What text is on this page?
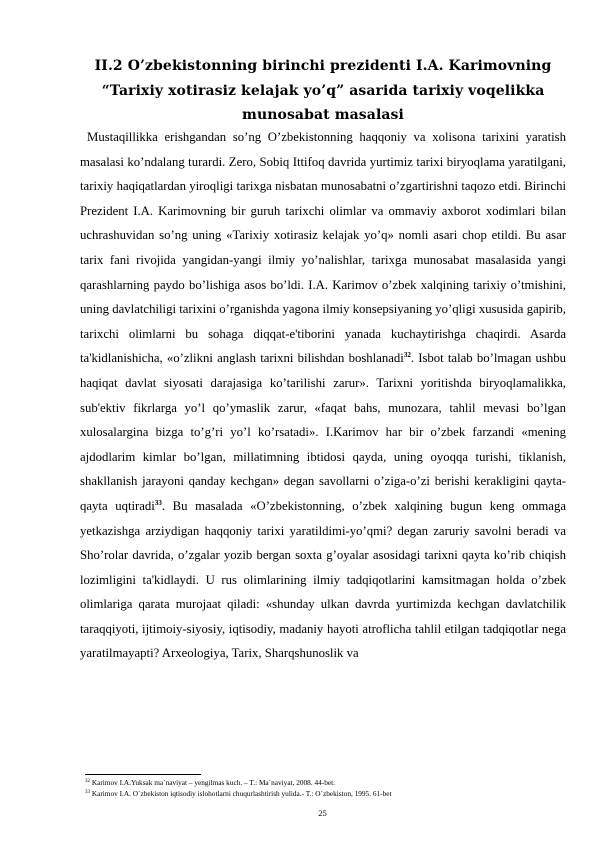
II.2 O’zbekistonning birinchi prezidenti I.A. Karimovning “Tarixiy xotirasiz kelajak yo’q” asarida tarixiy voqelikka munosabat masalasi

Mustaqillikka erishgandan so’ng O’zbekistonning haqqoniy va xolisona tarixini yaratish masalasi ko’ndalang turardi. Zero, Sobiq Ittifoq davrida yurtimiz tarixi biryoqlama yaratilgani, tarixiy haqiqatlardan yiroqligi tarixga nisbatan munosabatni o’zgartirishni taqozo etdi. Birinchi Prezident I.A. Karimovning bir guruh tarixchi olimlar va ommaviy axborot xodimlari bilan uchrashuvidan so’ng uning «Tarixiy xotirasiz kelajak yo’q» nomli asari chop etildi. Bu asar tarix fani rivojida yangidan-yangi ilmiy yo’nalishlar, tarixga munosabat masalasida yangi qarashlarning paydo bo’lishiga asos bo’ldi. I.A. Karimov o’zbek xalqining tarixiy o’tmishini, uning davlatchiligi tarixini o’rganishda yagona ilmiy konsepsiyaning yo’qligi xususida gapirib, tarixchi olimlarni bu sohaga diqqat-e'tiborini yanada kuchaytirishga chaqirdi. Asarda ta'kidlanishicha, «o’zlikni anglash tarixni bilishdan boshlanadi$^{32}$. Isbot talab bo’lmagan ushbu haqiqat davlat siyosati darajasiga ko’tarilishi zarur». Tarixni yoritishda biryoqlamalikka, sub'ektiv fikrlarga yo’l qo’ymaslik zarur, «faqat bahs, munozara, tahlil mevasi bo’lgan xulosalargina bizga to’g’ri yo’l ko’rsatadi». I.Karimov har bir o’zbek farzandi «mening ajdodlarim kimlar bo’lgan, millatimning ibtidosi qayda, uning oyoqqa turishi, tiklanish, shakllanish jarayoni qanday kechgan» degan savollarni o’ziga-o’zi berishi kerakligini qayta-qayta uqtiradi$^{33}$. Bu masalada «O’zbekistonning, o’zbek xalqining bugun keng ommaga yetkazishga arziydigan haqqoniy tarixi yaratildimi-yo’qmi? degan zaruriy savolni beradi va Sho’rolar davrida, o’zgalar yozib bergan soxta g’oyalar asosidagi tarixni qayta ko’rib chiqish lozimligini ta'kidlaydi. U rus olimlarining ilmiy tadqiqotlarini kamsitmagan holda o’zbek olimlariga qarata murojaat qiladi: «shunday ulkan davrda yurtimizda kechgan davlatchilik taraqqiyoti, ijtimoiy-siyosiy, iqtisodiy, madaniy hayoti atroflicha tahlil etilgan tadqiqotlar nega yaratilmayapti? Arxeologiya, Tarix, Sharqshunoslik va

$^{32}$ Karimov I.A.Yuksak ma`naviyat – yengilmas kuch. – T.: Ma`naviyat, 2008. 44-bet.
$^{33}$ Karimov I.A. O`zbekiston iqtisodiy islohotlarni chuqurlashtirish yulida.- T.: O`zbekiston, 1995. 61-bet
25
